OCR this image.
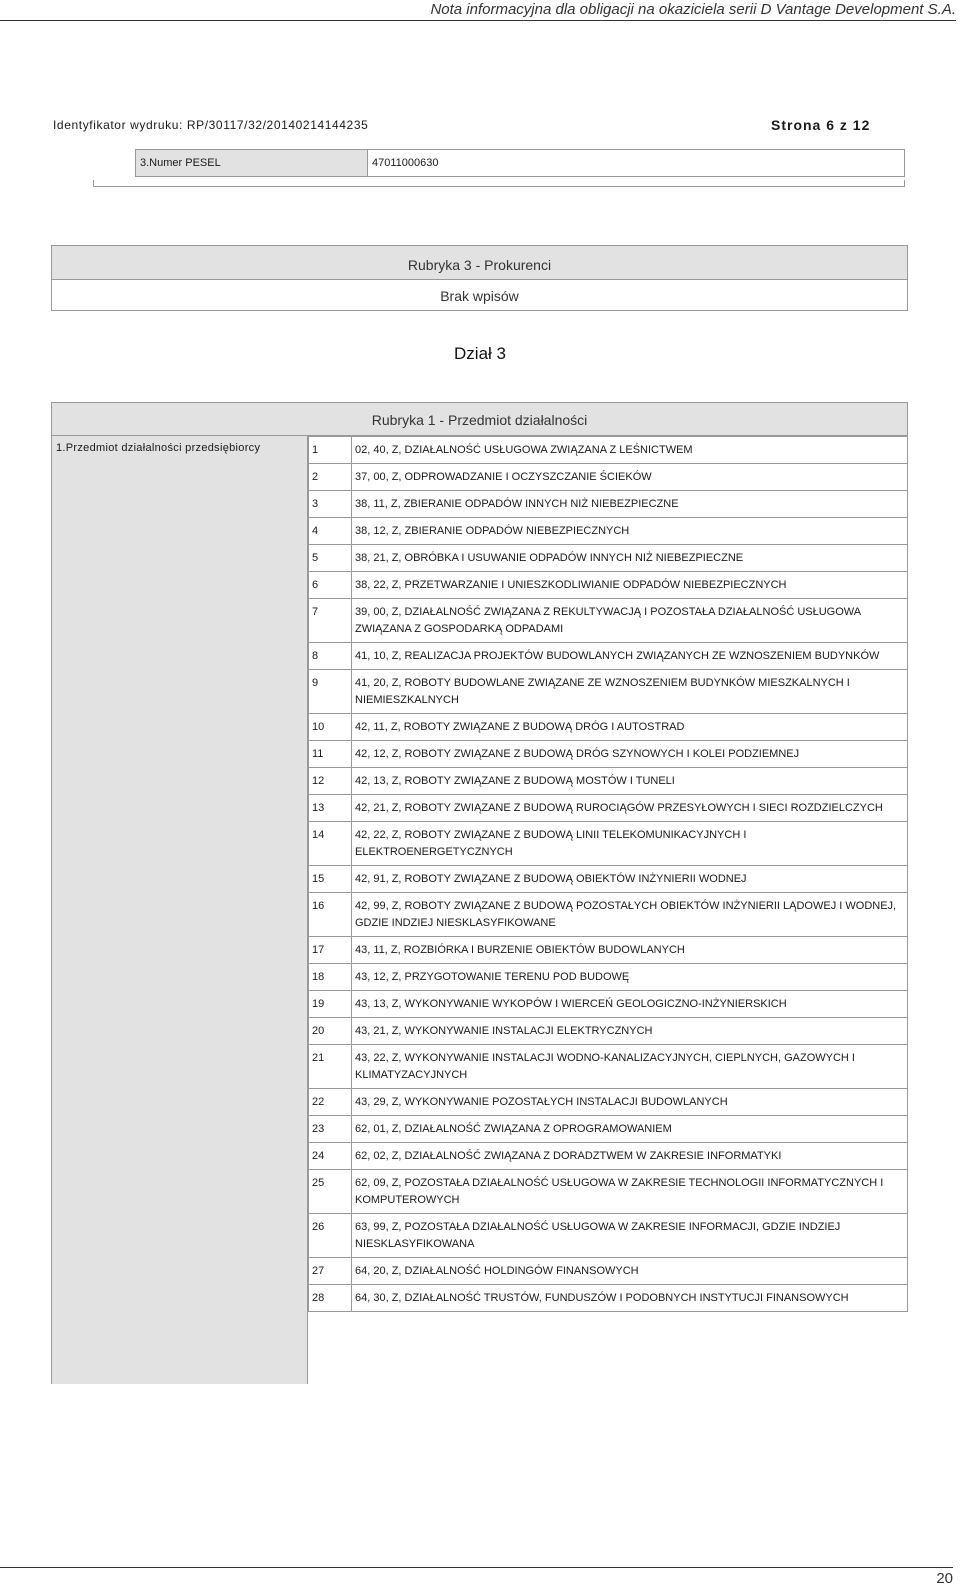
Nota informacyjna dla obligacji na okaziciela serii D Vantage Development S.A.
Identyfikator wydruku: RP/30117/32/20140214144235	Strona 6 z 12
3.Numer PESEL	47011000630
Rubryka 3 - Prokurenci
Brak wpisów
Dział 3
Rubryka 1 - Przedmiot działalności
1.Przedmiot działalności przedsiębiorcy	1	02, 40, Z, DZIAŁALNOŚĆ USŁUGOWA ZWIĄZANA Z LEŚNICTWEM
2	37, 00, Z, ODPROWADZANIE I OCZYSZCZANIE ŚCIEKÓW
3	38, 11, Z, ZBIERANIE ODPADÓW INNYCH NIŻ NIEBEZPIECZNE
4	38, 12, Z, ZBIERANIE ODPADÓW NIEBEZPIECZNYCH
5	38, 21, Z, OBRÓBKA I USUWANIE ODPADÓW INNYCH NIŻ NIEBEZPIECZNE
6	38, 22, Z, PRZETWARZANIE I UNIESZKODLIWIANIE ODPADÓW NIEBEZPIECZNYCH
7	39, 00, Z, DZIAŁALNOŚĆ ZWIĄZANA Z REKULTYWACJĄ I POZOSTAŁA DZIAŁALNOŚĆ USŁUGOWA ZWIĄZANA Z GOSPODARKĄ ODPADAMI
8	41, 10, Z, REALIZACJA PROJEKTÓW BUDOWLANYCH ZWIĄZANYCH ZE WZNOSZENIEM BUDYNKÓW
9	41, 20, Z, ROBOTY BUDOWLANE ZWIĄZANE ZE WZNOSZENIEM BUDYNKÓW MIESZKALNYCH I NIEMIESZKALNYCH
10	42, 11, Z, ROBOTY ZWIĄZANE Z BUDOWĄ DRÓG I AUTOSTRAD
11	42, 12, Z, ROBOTY ZWIĄZANE Z BUDOWĄ DRÓG SZYNOWYCH I KOLEI PODZIEMNEJ
12	42, 13, Z, ROBOTY ZWIĄZANE Z BUDOWĄ MOSTÓW I TUNELI
13	42, 21, Z, ROBOTY ZWIĄZANE Z BUDOWĄ RUROCIĄGÓW PRZESYŁOWYCH I SIECI ROZDZIELCZYCH
14	42, 22, Z, ROBOTY ZWIĄZANE Z BUDOWĄ LINII TELEKOMUNIKACYJNYCH I ELEKTROENERGETYCZNYCH
15	42, 91, Z, ROBOTY ZWIĄZANE Z BUDOWĄ OBIEKTÓW INŻYNIERII WODNEJ
16	42, 99, Z, ROBOTY ZWIĄZANE Z BUDOWĄ POZOSTAŁYCH OBIEKTÓW INŻYNIERII LĄDOWEJ I WODNEJ, GDZIE INDZIEJ NIESKLASYFIKOWANE
17	43, 11, Z, ROZBIÓRKA I BURZENIE OBIEKTÓW BUDOWLANYCH
18	43, 12, Z, PRZYGOTOWANIE TERENU POD BUDOWĘ
19	43, 13, Z, WYKONYWANIE WYKOPÓW I WIERCEŃ GEOLOGICZNO-INŻYNIERSKICH
20	43, 21, Z, WYKONYWANIE INSTALACJI ELEKTRYCZNYCH
21	43, 22, Z, WYKONYWANIE INSTALACJI WODNO-KANALIZACYJNYCH, CIEPLNYCH, GAZOWYCH I KLIMATYZACYJNYCH
22	43, 29, Z, WYKONYWANIE POZOSTAŁYCH INSTALACJI BUDOWLANYCH
23	62, 01, Z, DZIAŁALNOŚĆ ZWIĄZANA Z OPROGRAMOWANIEM
24	62, 02, Z, DZIAŁALNOŚĆ ZWIĄZANA Z DORADZTWEM W ZAKRESIE INFORMATYKI
25	62, 09, Z, POZOSTAŁA DZIAŁALNOŚĆ USŁUGOWA W ZAKRESIE TECHNOLOGII INFORMATYCZNYCH I KOMPUTEROWYCH
26	63, 99, Z, POZOSTAŁA DZIAŁALNOŚĆ USŁUGOWA W ZAKRESIE INFORMACJI, GDZIE INDZIEJ NIESKLASYFIKOWANA
27	64, 20, Z, DZIAŁALNOŚĆ HOLDINGÓW FINANSOWYCH
28	64, 30, Z, DZIAŁALNOŚĆ TRUSTÓW, FUNDUSZÓW I PODOBNYCH INSTYTUCJI FINANSOWYCH
20
